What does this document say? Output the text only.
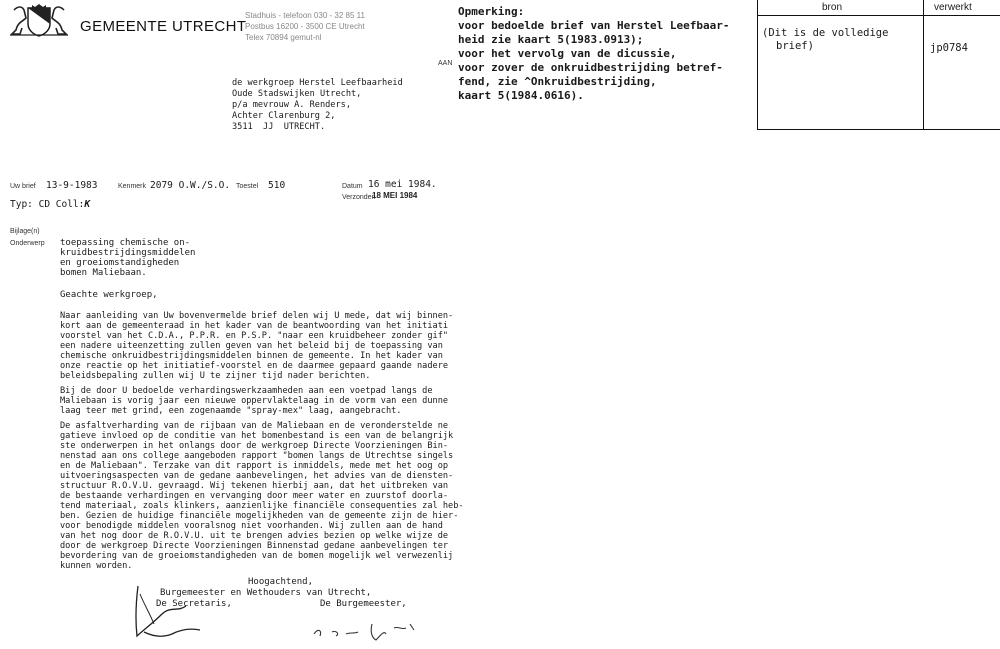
GEMEENTE UTRECHT
Stadhuis - telefoon 030 - 32 85 11
Postbus 16200 - 3500 CE Utrecht
Telex 70894 gemut-nl
Opmerking:
voor bedoelde brief van Herstel Leefbaar-
heid zie kaart 5(1983.0913);
voor het vervolg van de dicussie,
voor zover de onkruidbestrijding betref-
fend, zie ^Onkruidbestrijding,
kaart 5(1984.0616).
AAN
bron	verwerkt
(Dit is de volledige
brief)	jp0784
de werkgroep Herstel Leefbaarheid
Oude Stadswijken Utrecht,
p/a mevrouw A. Renders,
Achter Clarenburg 2,
3511  JJ  UTRECHT.
Uw brief 13-9-1983	Kenmerk 2079 O.W./S.O. Toestel 510	Datum 16 mei 1984.
Verzonden
18 MEI 1984
Typ: CD Coll:K
Bijlage(n)
Onderwerp toepassing chemische on-
kruidbestrijdingsmiddelen
en groeiomstandigheden
bomen Maliebaan.
Geachte werkgroep,
Naar aanleiding van Uw bovenvermelde brief delen wij U mede, dat wij binnen-
kort aan de gemeenteraad in het kader van de beantwoording van het initiati
voorstel van het C.D.A., P.P.R. en P.S.P. "naar een kruidbeheer zonder gif"
een nadere uiteenzetting zullen geven van het beleid bij de toepassing van
chemische onkruidbestrijdingsmiddelen binnen de gemeente. In het kader van
onze reactie op het initiatief-voorstel en de daarmee gepaard gaande nadere
beleidsbepaling zullen wij U te zijner tijd nader berichten.
Bij de door U bedoelde verhardingswerkzaamheden aan een voetpad langs de
Maliebaan is vorig jaar een nieuwe oppervlaktelaag in de vorm van een dunne
laag teer met grind, een zogenaamde "spray-mex" laag, aangebracht.
De asfaltverharding van de rijbaan van de Maliebaan en de veronderstelde ne
gatieve invloed op de conditie van het bomenbestand is een van de belangrijk
ste onderwerpen in het onlangs door de werkgroep Directe Voorzieningen Bin-
nenstad aan ons college aangeboden rapport "bomen langs de Utrechtse singels
en de Maliebaan". Terzake van dit rapport is inmiddels, mede met het oog op
uitvoeringsaspecten van de gedane aanbevelingen, het advies van de diensten-
structuur R.O.V.U. gevraagd. Wij tekenen hierbij aan, dat het uitbreken van
de bestaande verhardingen en vervanging door meer water en zuurstof doorla-
tend materiaal, zoals klinkers, aanzienlijke financiële consequenties zal heb-
ben. Gezien de huidige financiële mogelijkheden van de gemeente zijn de hier-
voor benodigde middelen vooralsnog niet voorhanden. Wij zullen aan de hand
van het nog door de R.O.V.U. uit te brengen advies bezien op welke wijze de
door de werkgroep Directe Voorzieningen Binnenstad gedane aanbevelingen ter
bevordering van de groeiomstandigheden van de bomen mogelijk wel verwezenlij
kunnen worden.
Hoogachtend,
Burgemeester en Wethouders van Utrecht,
De Secretaris,	De Burgemeester,
